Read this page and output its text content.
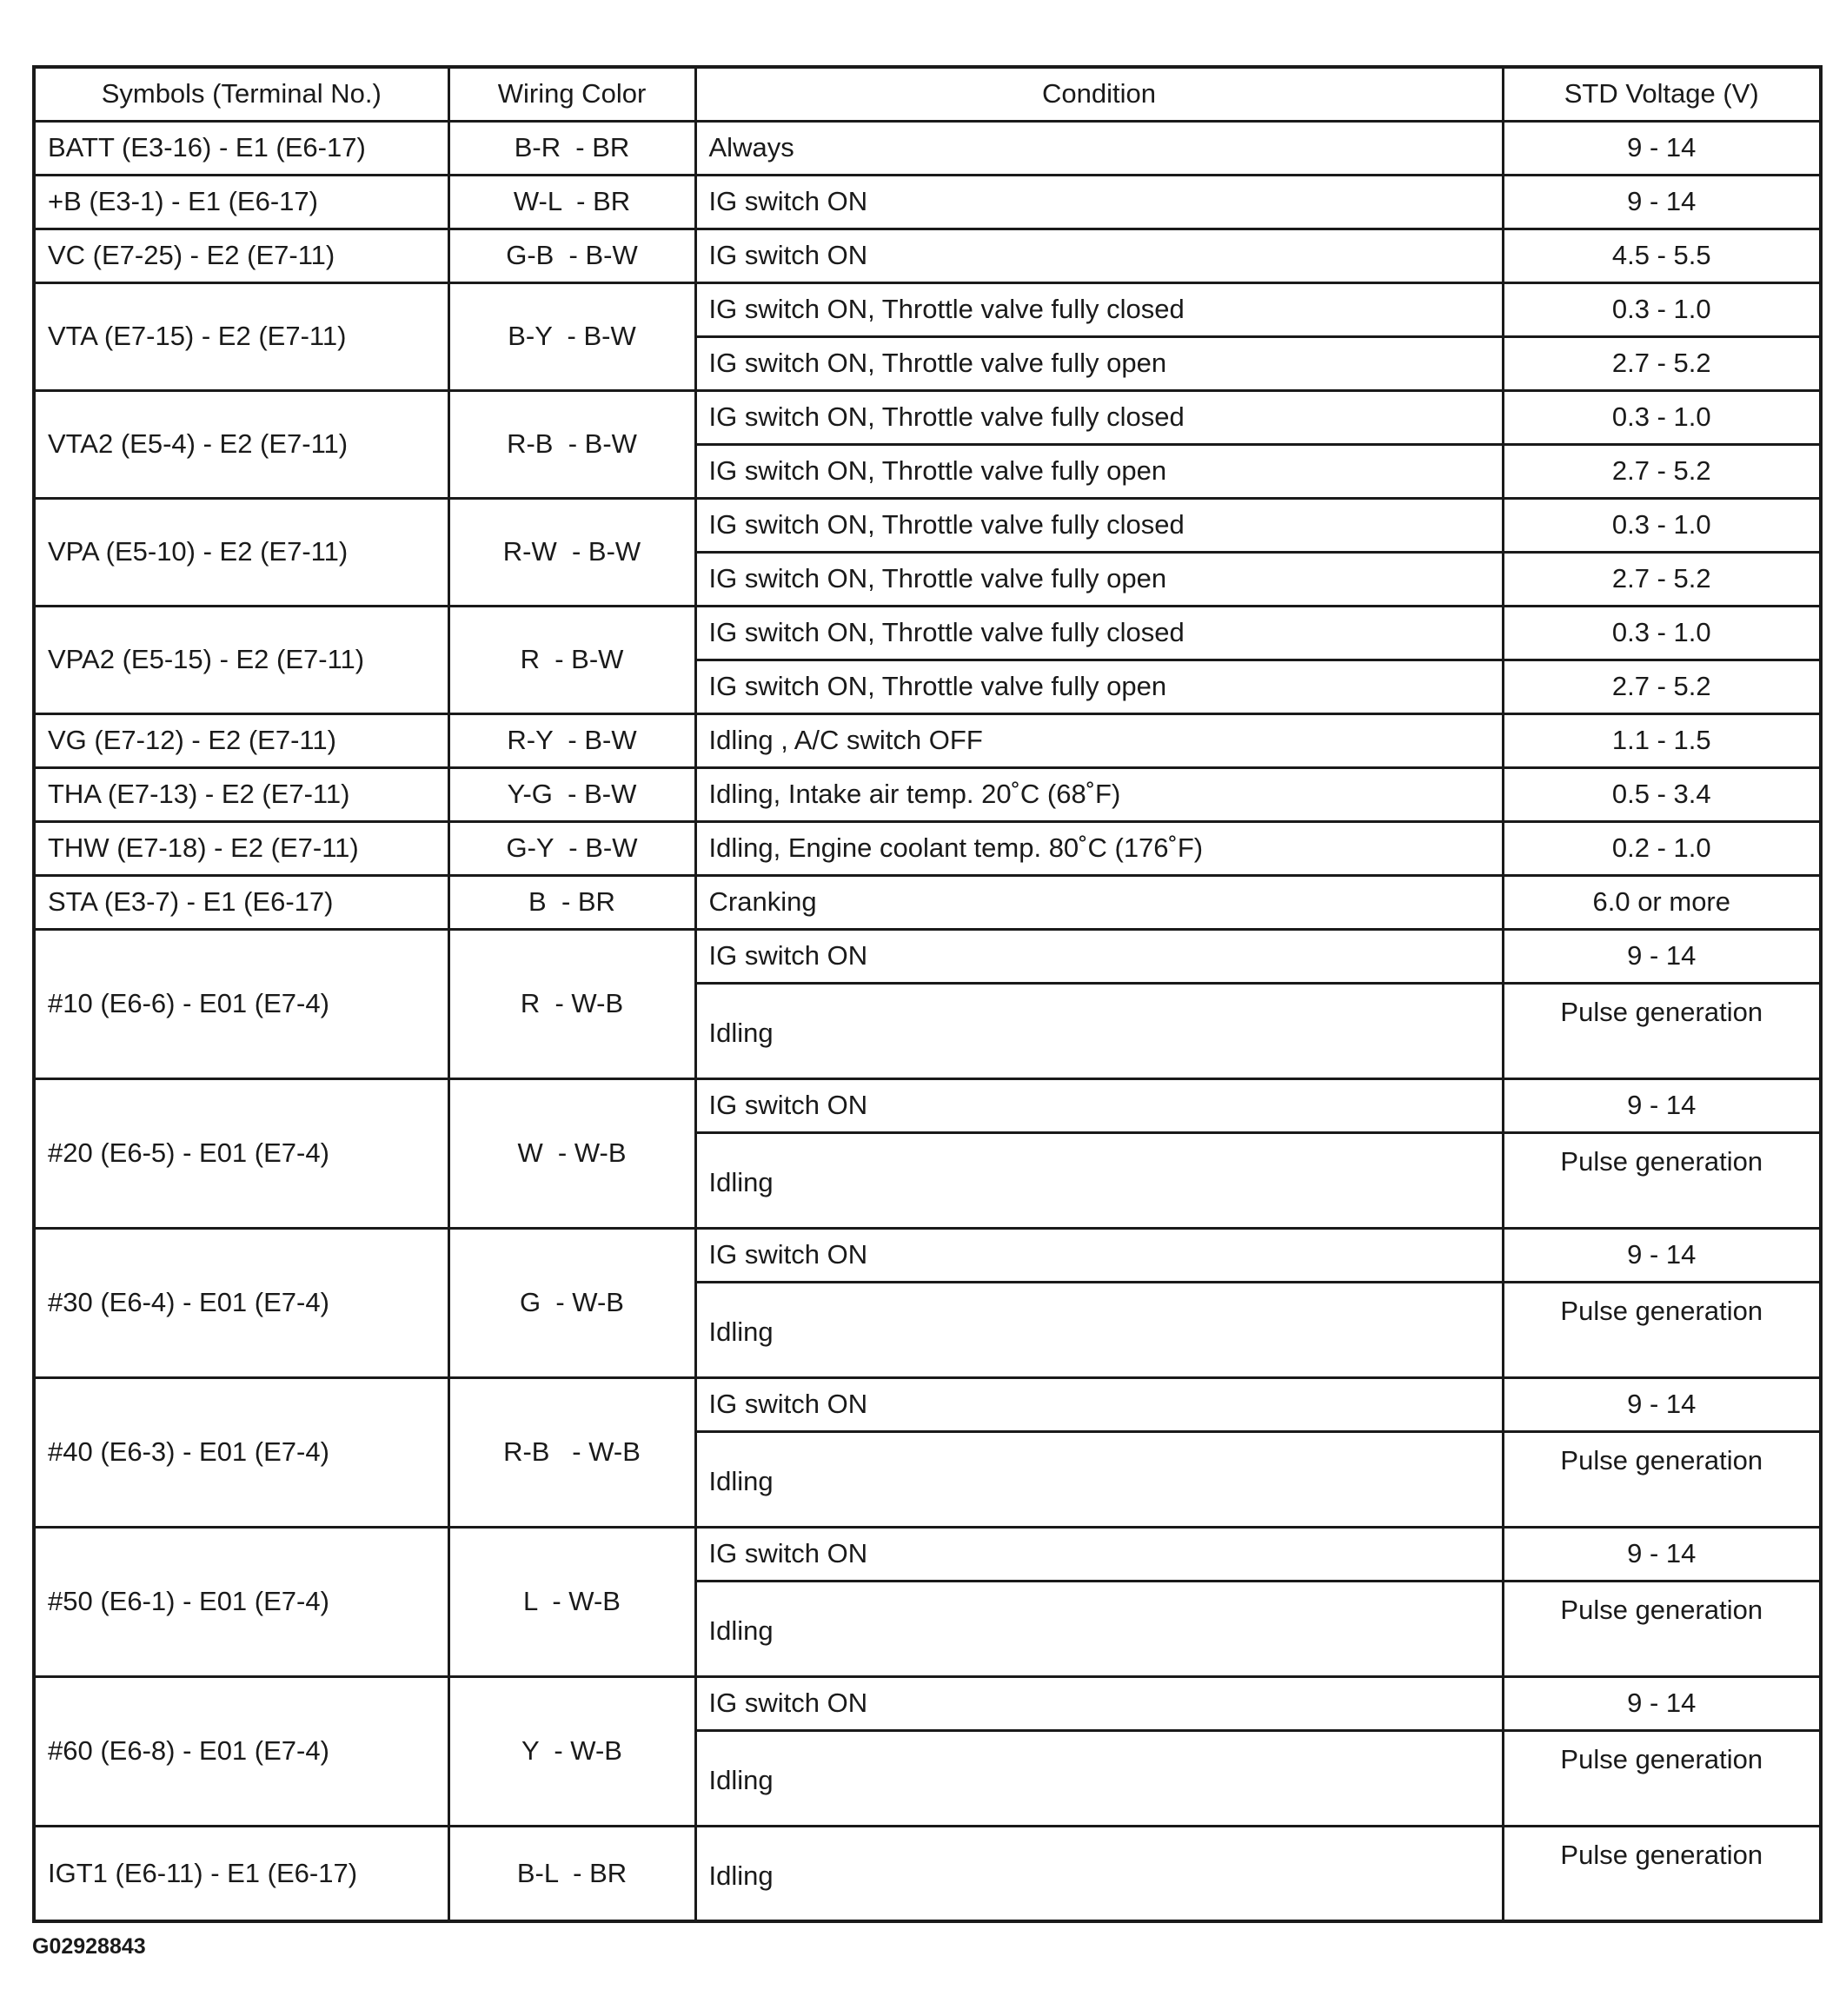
Symbols (Terminal No.)	Wiring Color	Condition	STD Voltage (V)
BATT (E3-16) - E1 (E6-17)	B-R  - BR	Always	9 - 14
+B (E3-1) - E1 (E6-17)	W-L  - BR	IG switch ON	9 - 14
VC (E7-25) - E2 (E7-11)	G-B  - B-W	IG switch ON	4.5 - 5.5
VTA (E7-15) - E2 (E7-11)	B-Y  - B-W	IG switch ON, Throttle valve fully closed	0.3 - 1.0
		IG switch ON, Throttle valve fully open	2.7 - 5.2
VTA2 (E5-4) - E2 (E7-11)	R-B  - B-W	IG switch ON, Throttle valve fully closed	0.3 - 1.0
		IG switch ON, Throttle valve fully open	2.7 - 5.2
VPA (E5-10) - E2 (E7-11)	R-W  - B-W	IG switch ON, Throttle valve fully closed	0.3 - 1.0
		IG switch ON, Throttle valve fully open	2.7 - 5.2
VPA2 (E5-15) - E2 (E7-11)	R  - B-W	IG switch ON, Throttle valve fully closed	0.3 - 1.0
		IG switch ON, Throttle valve fully open	2.7 - 5.2
VG (E7-12) - E2 (E7-11)	R-Y  - B-W	Idling , A/C switch OFF	1.1 - 1.5
THA (E7-13) - E2 (E7-11)	Y-G  - B-W	Idling, Intake air temp. 20˚C (68˚F)	0.5 - 3.4
THW (E7-18) - E2 (E7-11)	G-Y  - B-W	Idling, Engine coolant temp. 80˚C (176˚F)	0.2 - 1.0
STA (E3-7) - E1 (E6-17)	B  - BR	Cranking	6.0 or more
#10 (E6-6) - E01 (E7-4)	R  - W-B	IG switch ON	9 - 14
		Idling	Pulse generation
#20 (E6-5) - E01 (E7-4)	W  - W-B	IG switch ON	9 - 14
		Idling	Pulse generation
#30 (E6-4) - E01 (E7-4)	G  - W-B	IG switch ON	9 - 14
		Idling	Pulse generation
#40 (E6-3) - E01 (E7-4)	R-B   - W-B	IG switch ON	9 - 14
		Idling	Pulse generation
#50 (E6-1) - E01 (E7-4)	L  - W-B	IG switch ON	9 - 14
		Idling	Pulse generation
#60 (E6-8) - E01 (E7-4)	Y  - W-B	IG switch ON	9 - 14
		Idling	Pulse generation
IGT1 (E6-11) - E1 (E6-17)	B-L  - BR	Idling	Pulse generation
G02928843
